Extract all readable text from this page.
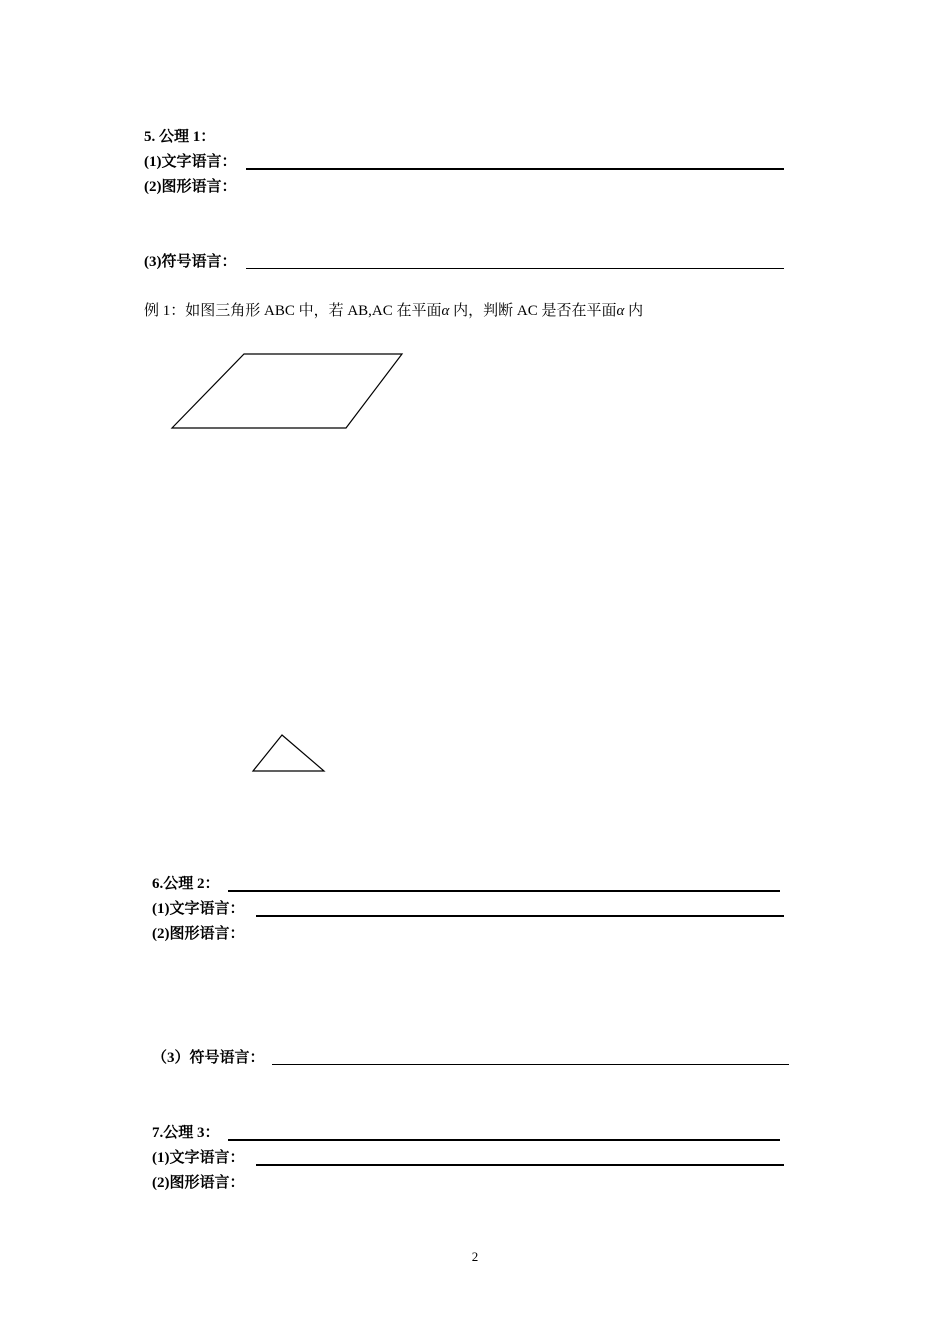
5. 公理 1：
(1)文字语言：
(2)图形语言：
(3)符号语言：
例 1：如图三角形 ABC 中，若 AB,AC 在平面α 内，判断 AC 是否在平面α 内
6.公理 2：
(1)文字语言：
(2)图形语言：
（3）符号语言：
7.公理 3：
(1)文字语言：
(2)图形语言：
2
